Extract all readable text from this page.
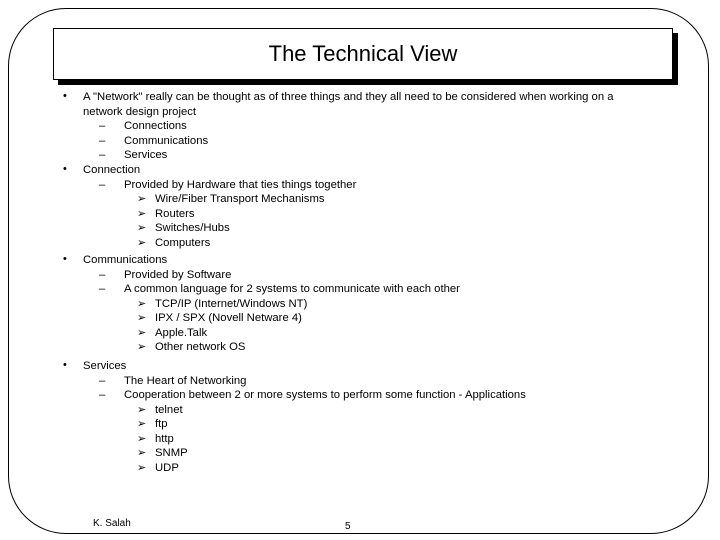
The Technical View
• A "Network" really can be thought as of three things and they all need to be considered when working on a
network design project
– Connections
– Communications
– Services
• Connection
– Provided by Hardware that ties things together
➢ Wire/Fiber Transport Mechanisms
➢ Routers
➢ Switches/Hubs
➢ Computers
• Communications
– Provided by Software
– A common language for 2 systems to communicate with each other
➢ TCP/IP (Internet/Windows NT)
➢ IPX / SPX (Novell Netware 4)
➢ Apple.Talk
➢ Other network OS
• Services
– The Heart of Networking
– Cooperation between 2 or more systems to perform some function - Applications
➢ telnet
➢ ftp
➢ http
➢ SNMP
➢ UDP
K. Salah	5
